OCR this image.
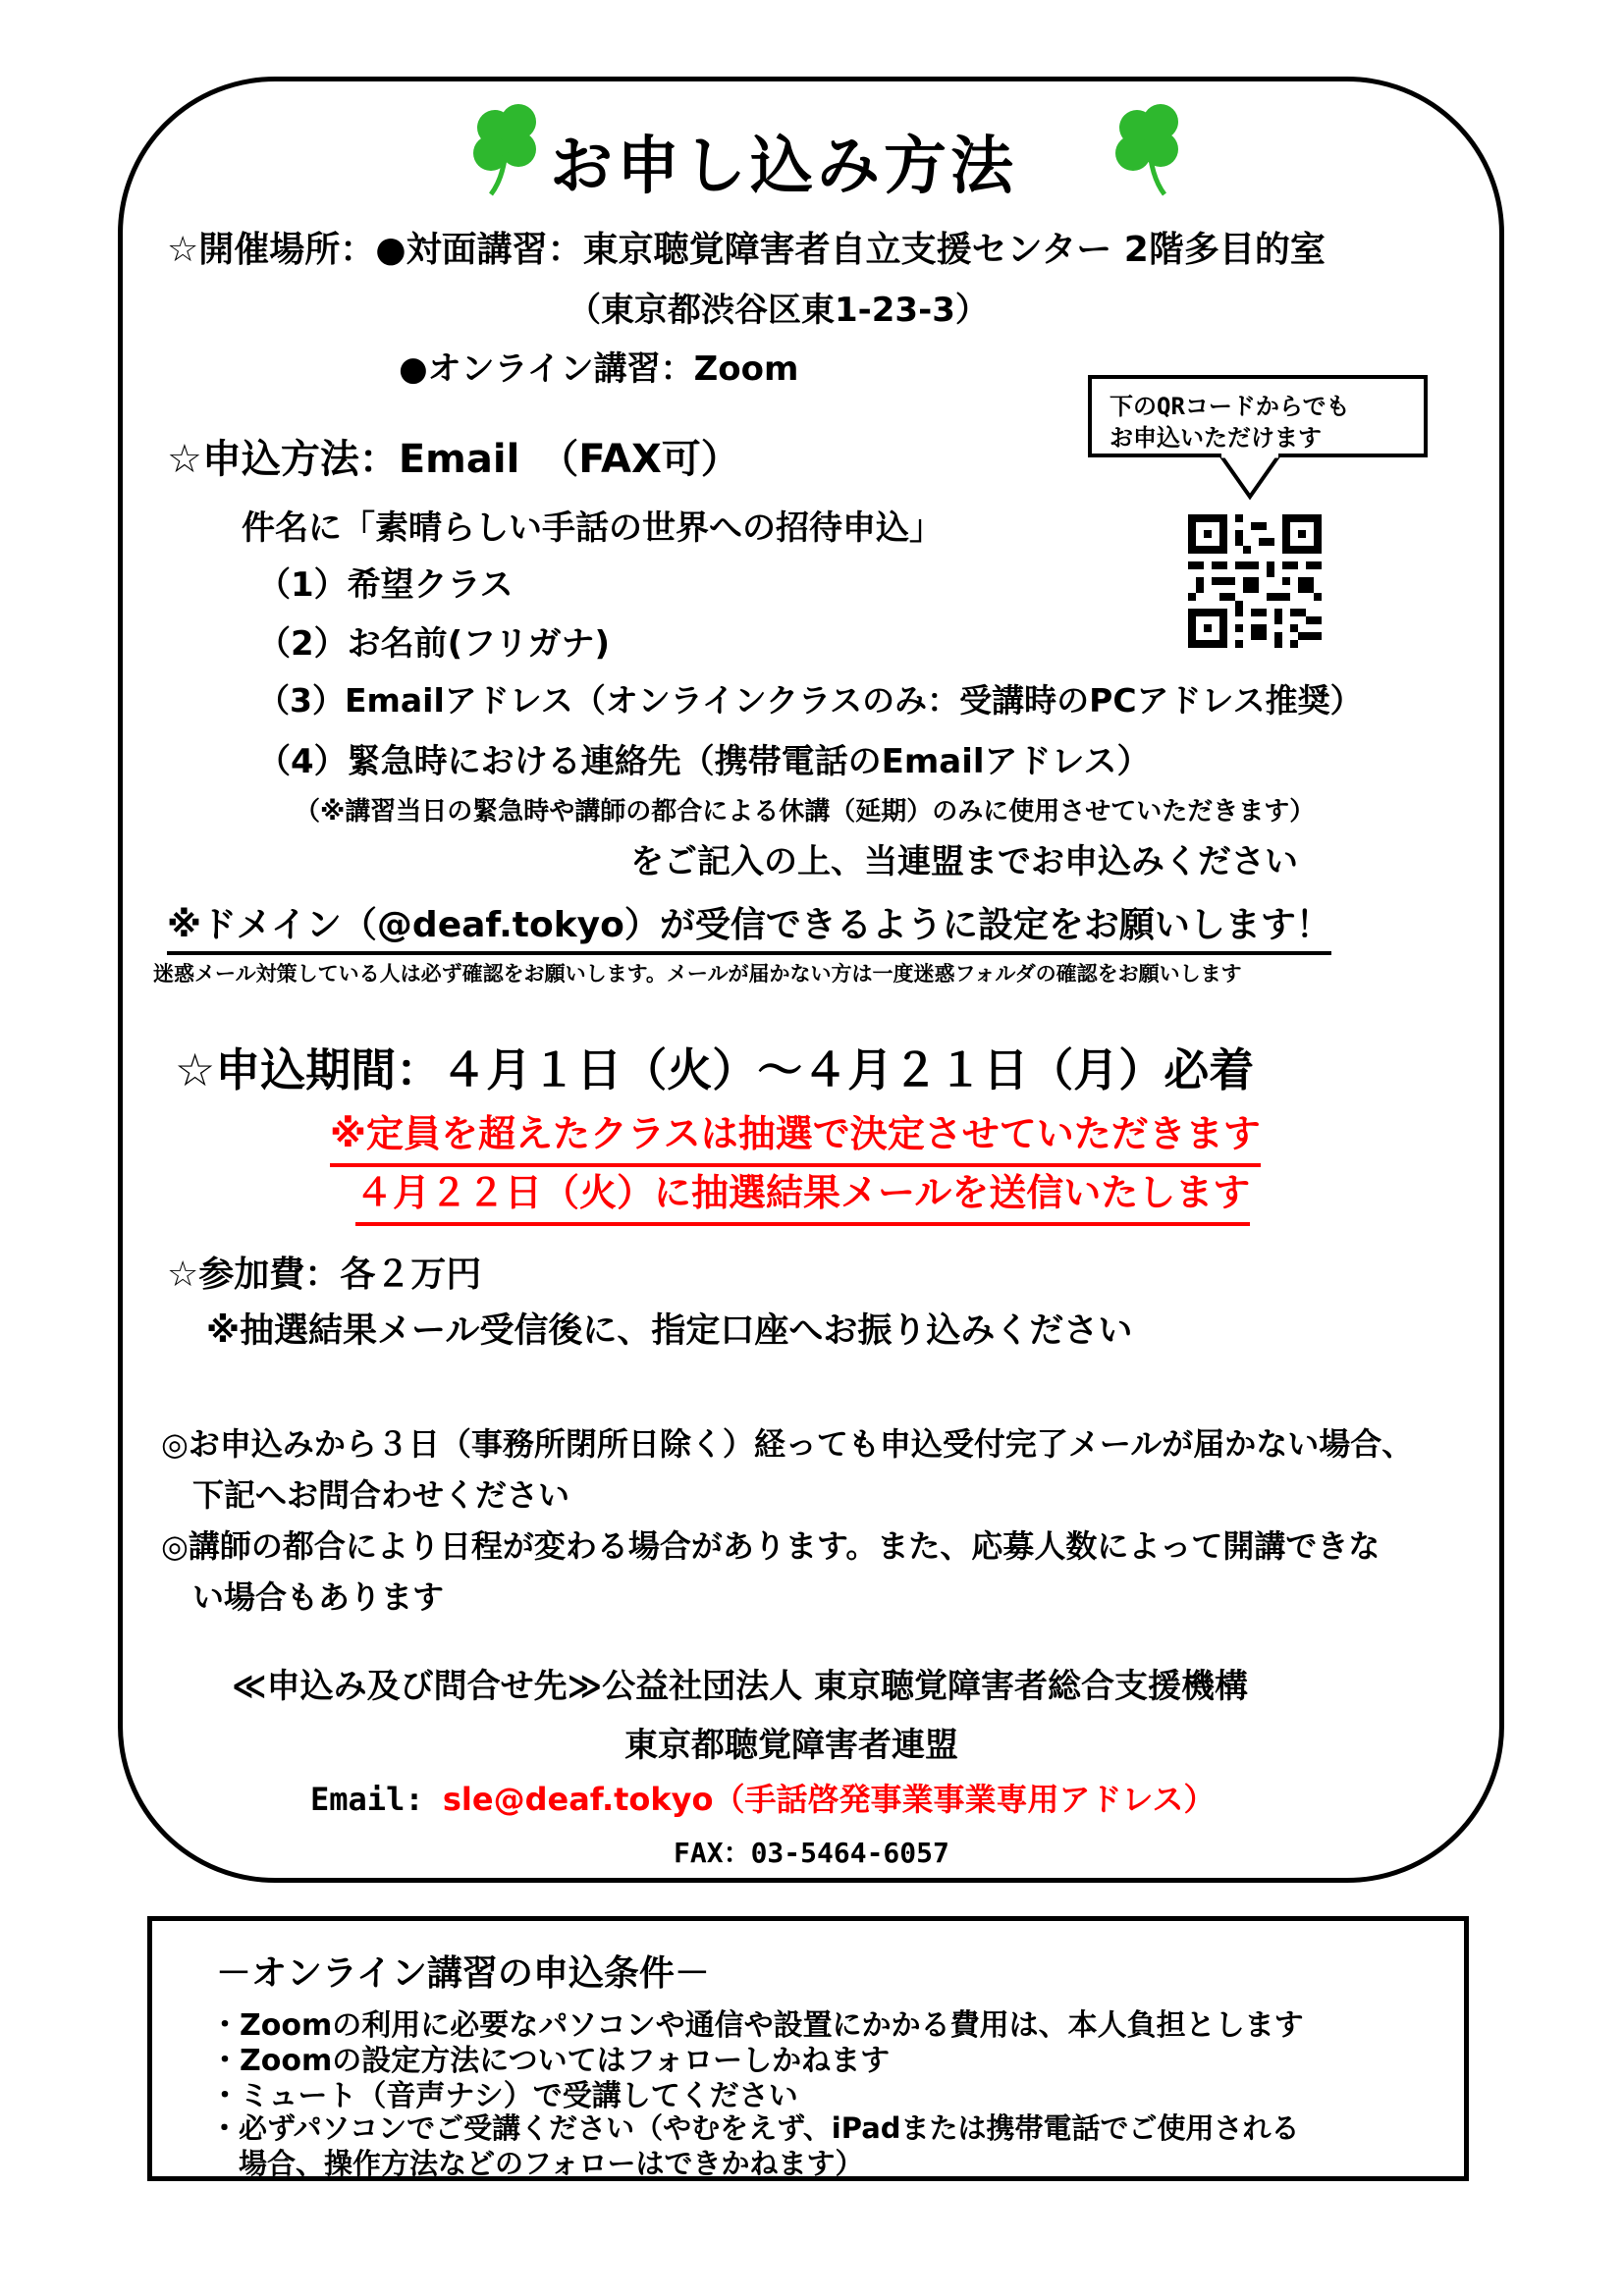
お申し込み方法
☆開催場所：●対面講習：東京聴覚障害者自立支援センター 2階多目的室
（東京都渋谷区東1-23-3）
●オンライン講習：Zoom
☆申込方法：Email　（FAX可）
件名に「素晴らしい手話の世界への招待申込」
（1）希望クラス
（2）お名前(フリガナ)
（3）Emailアドレス（オンラインクラスのみ：受講時のPCアドレス推奨）
（4）緊急時における連絡先（携帯電話のEmailアドレス）
（※講習当日の緊急時や講師の都合による休講（延期）のみに使用させていただきます）
をご記入の上、当連盟までお申込みください
下のQRコードからでも
お申込いただけます
※ドメイン（@deaf.tokyo）が受信できるように設定をお願いします！
迷惑メール対策している人は必ず確認をお願いします。メールが届かない方は一度迷惑フォルダの確認をお願いします
☆申込期間：４月１日（火）～４月２１日（月）必着
※定員を超えたクラスは抽選で決定させていただきます
４月２２日（火）に抽選結果メールを送信いたします
☆参加費：各２万円
※抽選結果メール受信後に、指定口座へお振り込みください
◎お申込みから３日（事務所閉所日除く）経っても申込受付完了メールが届かない場合、
　下記へお問合わせください
◎講師の都合により日程が変わる場合があります。また、応募人数によって開講できな
　い場合もあります
≪申込み及び問合せ先≫公益社団法人 東京聴覚障害者総合支援機構
東京都聴覚障害者連盟
Email: sle@deaf.tokyo（手話啓発事業事業専用アドレス）
FAX：03-5464-6057
－オンライン講習の申込条件－
・Zoomの利用に必要なパソコンや通信や設置にかかる費用は、本人負担とします
・Zoomの設定方法についてはフォローしかねます
・ミュート（音声ナシ）で受講してください
・必ずパソコンでご受講ください（やむをえず、iPadまたは携帯電話でご使用される
　場合、操作方法などのフォローはできかねます）
